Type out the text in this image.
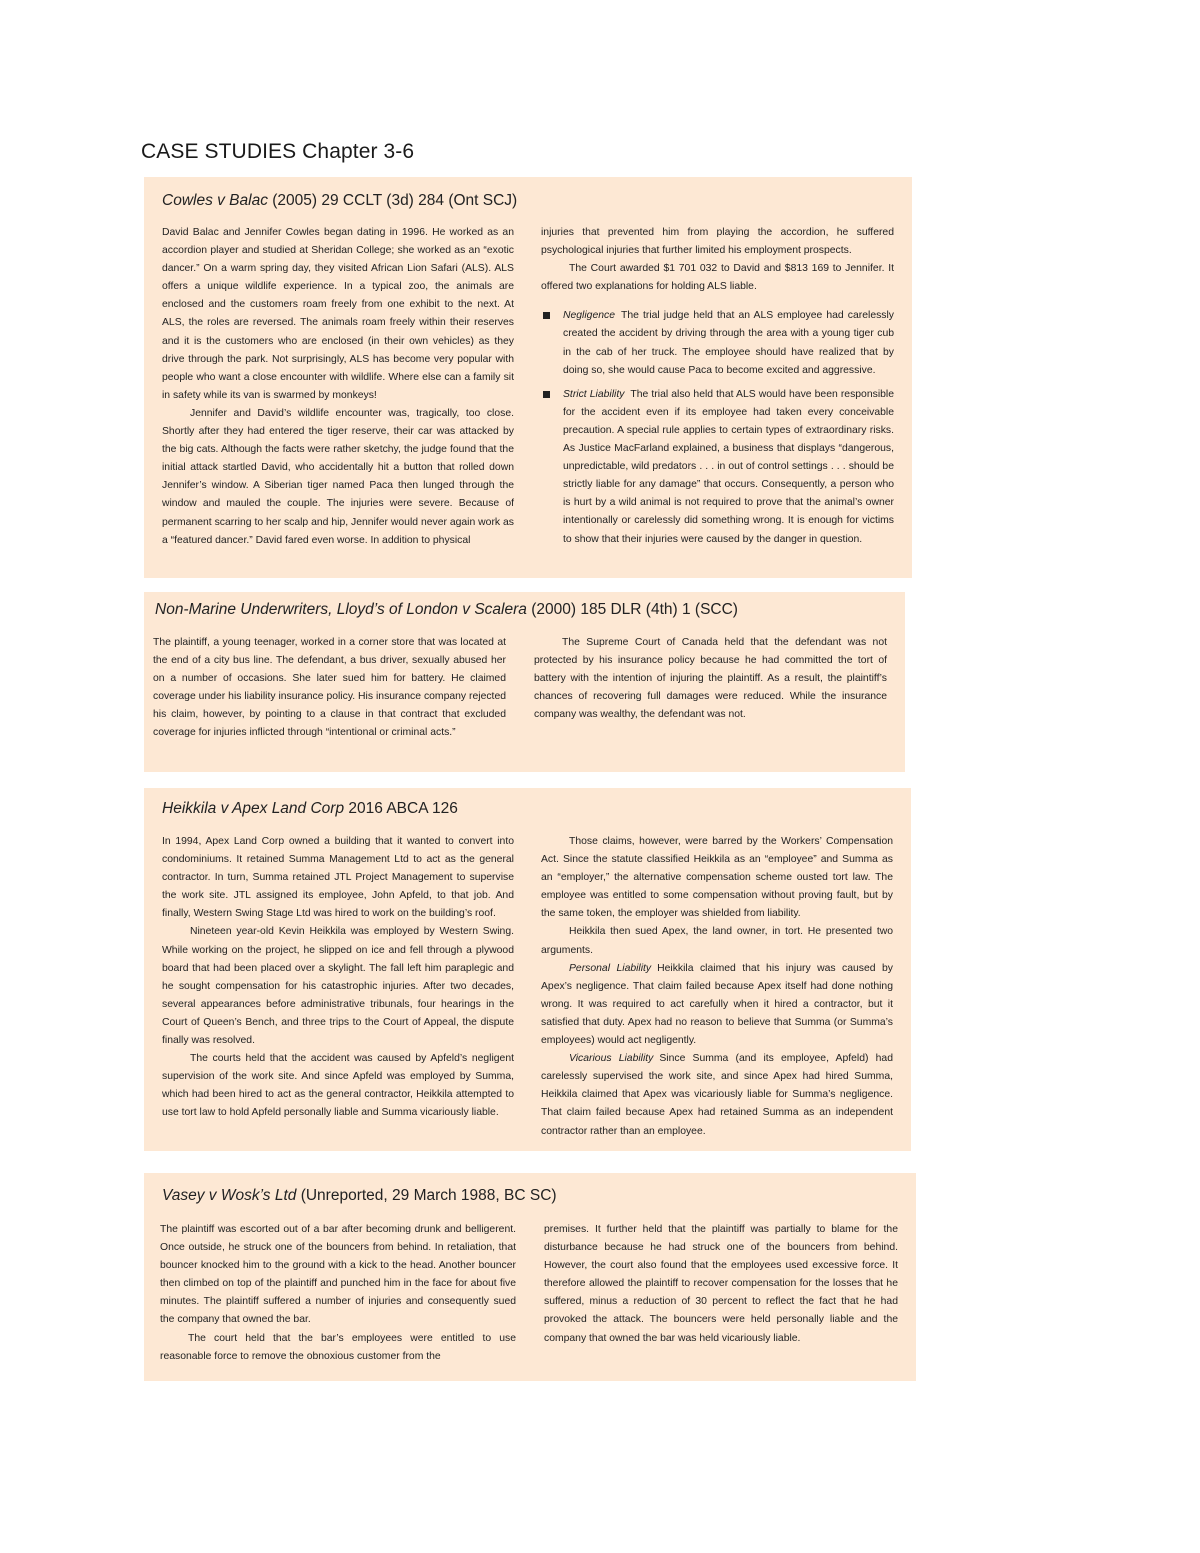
CASE STUDIES Chapter 3-6
Cowles v Balac (2005) 29 CCLT (3d) 284 (Ont SCJ)

David Balac and Jennifer Cowles began dating in 1996. He worked as an accordion player and studied at Sheridan College; she worked as an “exotic dancer.” On a warm spring day, they visited African Lion Safari (ALS). ALS offers a unique wildlife experience. In a typical zoo, the animals are enclosed and the customers roam freely from one exhibit to the next. At ALS, the roles are reversed. The animals roam freely within their reserves and it is the customers who are enclosed (in their own vehicles) as they drive through the park. Not surprisingly, ALS has become very popular with people who want a close encounter with wildlife. Where else can a family sit in safety while its van is swarmed by monkeys!

Jennifer and David’s wildlife encounter was, tragically, too close. Shortly after they had entered the tiger reserve, their car was attacked by the big cats. Although the facts were rather sketchy, the judge found that the initial attack startled David, who accidentally hit a button that rolled down Jennifer’s window. A Siberian tiger named Paca then lunged through the window and mauled the couple. The injuries were severe. Because of permanent scarring to her scalp and hip, Jennifer would never again work as a “featured dancer.” David fared even worse. In addition to physical

injuries that prevented him from playing the accordion, he suffered psychological injuries that further limited his employment prospects.

The Court awarded $1 701 032 to David and $813 169 to Jennifer. It offered two explanations for holding ALS liable.

Negligence The trial judge held that an ALS employee had carelessly created the accident by driving through the area with a young tiger cub in the cab of her truck. The employee should have realized that by doing so, she would cause Paca to become excited and aggressive.
Strict Liability The trial also held that ALS would have been responsible for the accident even if its employee had taken every conceivable precaution. A special rule applies to certain types of extraordinary risks. As Justice MacFarland explained, a business that displays “dangerous, unpredictable, wild predators . . . in out of control settings . . . should be strictly liable for any damage” that occurs. Consequently, a person who is hurt by a wild animal is not required to prove that the animal’s owner intentionally or carelessly did something wrong. It is enough for victims to show that their injuries were caused by the danger in question.
Non-Marine Underwriters, Lloyd’s of London v Scalera (2000) 185 DLR (4th) 1 (SCC)

The plaintiff, a young teenager, worked in a corner store that was located at the end of a city bus line. The defendant, a bus driver, sexually abused her on a number of occasions. She later sued him for battery. He claimed coverage under his liability insurance policy. His insurance company rejected his claim, however, by pointing to a clause in that contract that excluded coverage for injuries inflicted through “intentional or criminal acts.”

The Supreme Court of Canada held that the defendant was not protected by his insurance policy because he had committed the tort of battery with the intention of injuring the plaintiff. As a result, the plaintiff’s chances of recovering full damages were reduced. While the insurance company was wealthy, the defendant was not.

Heikkila v Apex Land Corp 2016 ABCA 126

In 1994, Apex Land Corp owned a building that it wanted to convert into condominiums. It retained Summa Management Ltd to act as the general contractor. In turn, Summa retained JTL Project Management to supervise the work site. JTL assigned its employee, John Apfeld, to that job. And finally, Western Swing Stage Ltd was hired to work on the building’s roof.

Nineteen year-old Kevin Heikkila was employed by Western Swing. While working on the project, he slipped on ice and fell through a plywood board that had been placed over a skylight. The fall left him paraplegic and he sought compensation for his catastrophic injuries. After two decades, several appearances before administrative tribunals, four hearings in the Court of Queen’s Bench, and three trips to the Court of Appeal, the dispute finally was resolved.

The courts held that the accident was caused by Apfeld’s negligent supervision of the work site. And since Apfeld was employed by Summa, which had been hired to act as the general contractor, Heikkila attempted to use tort law to hold Apfeld personally liable and Summa vicariously liable.

Those claims, however, were barred by the Workers’ Compensation Act. Since the statute classified Heikkila as an “employee” and Summa as an “employer,” the alternative compensation scheme ousted tort law. The employee was entitled to some compensation without proving fault, but by the same token, the employer was shielded from liability.

Heikkila then sued Apex, the land owner, in tort. He presented two arguments.

Personal Liability Heikkila claimed that his injury was caused by Apex’s negligence. That claim failed because Apex itself had done nothing wrong. It was required to act carefully when it hired a contractor, but it satisfied that duty. Apex had no reason to believe that Summa (or Summa’s employees) would act negligently.

Vicarious Liability Since Summa (and its employee, Apfeld) had carelessly supervised the work site, and since Apex had hired Summa, Heikkila claimed that Apex was vicariously liable for Summa’s negligence. That claim failed because Apex had retained Summa as an independent contractor rather than an employee.

Vasey v Wosk’s Ltd (Unreported, 29 March 1988, BC SC)

The plaintiff was escorted out of a bar after becoming drunk and belligerent. Once outside, he struck one of the bouncers from behind. In retaliation, that bouncer knocked him to the ground with a kick to the head. Another bouncer then climbed on top of the plaintiff and punched him in the face for about five minutes. The plaintiff suffered a number of injuries and consequently sued the company that owned the bar.

The court held that the bar’s employees were entitled to use reasonable force to remove the obnoxious customer from the

premises. It further held that the plaintiff was partially to blame for the disturbance because he had struck one of the bouncers from behind. However, the court also found that the employees used excessive force. It therefore allowed the plaintiff to recover compensation for the losses that he suffered, minus a reduction of 30 percent to reflect the fact that he had provoked the attack. The bouncers were held personally liable and the company that owned the bar was held vicariously liable.
